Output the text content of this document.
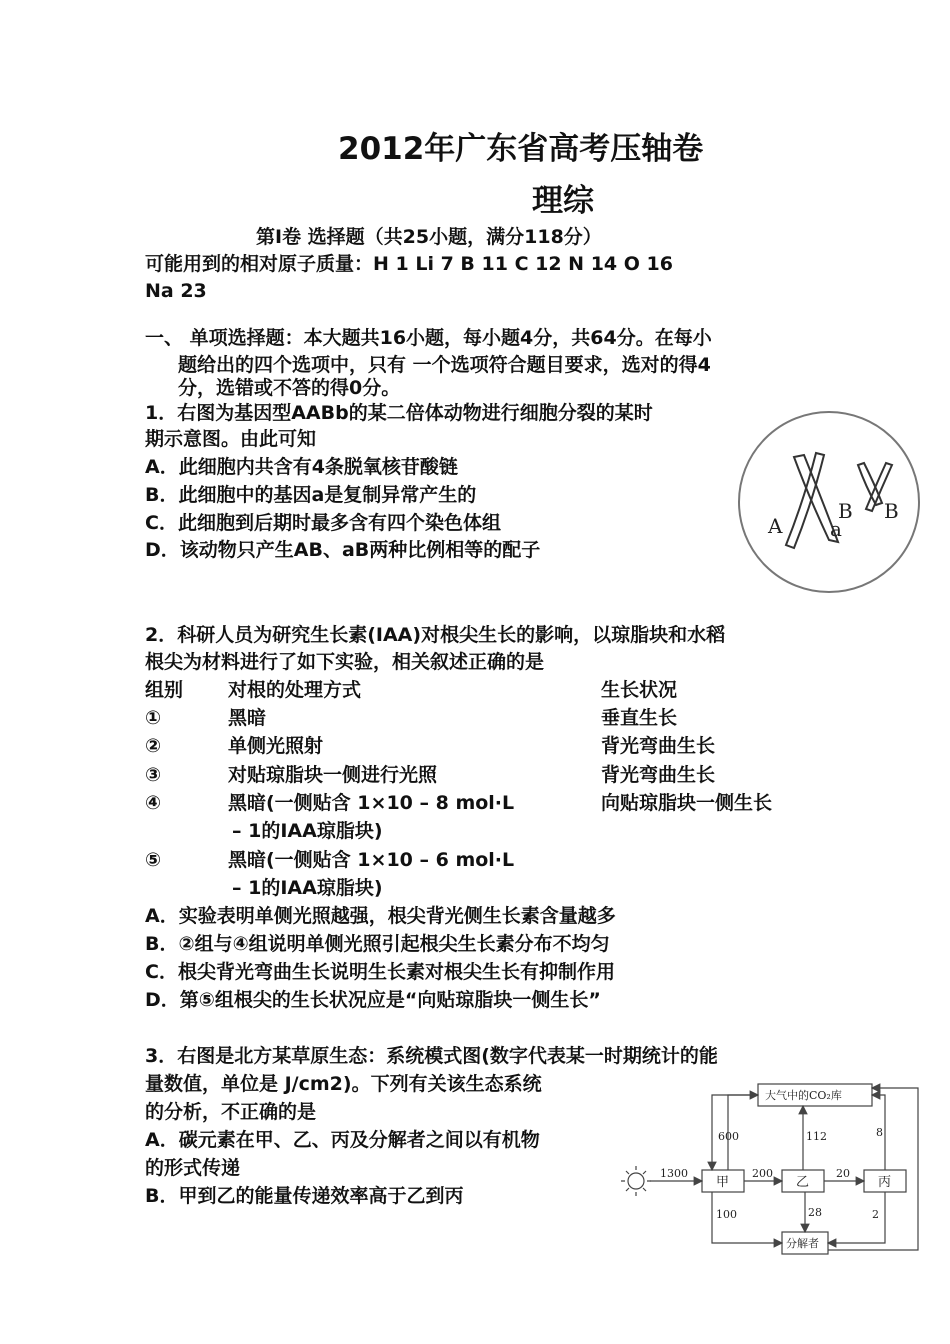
2012年广东省高考压轴卷
理综
第Ⅰ卷 选择题（共25小题，满分118分）
可能用到的相对原子质量：H 1 Li 7 B 11 C 12 N 14 O 16
Na 23
一、 单项选择题：本大题共16小题，每小题4分，共64分。在每小
题给出的四个选项中，只有 一个选项符合题目要求，选对的得4
分，选错或不答的得0分。
1．右图为基因型AABb的某二倍体动物进行细胞分裂的某时
期示意图。由此可知
A．此细胞内共含有4条脱氧核苷酸链
B．此细胞中的基因a是复制异常产生的
C．此细胞到后期时最多含有四个染色体组
D．该动物只产生AB、aB两种比例相等的配子
A a
B B
2．科研人员为研究生长素(IAA)对根尖生长的影响，以琼脂块和水稻
根尖为材料进行了如下实验，相关叙述正确的是
组别 对根的处理方式	生长状况
①	黑暗	垂直生长
②	单侧光照射	背光弯曲生长
③	对贴琼脂块一侧进行光照	背光弯曲生长
④	黑暗(一侧贴含 1×10 – 8 mol·L	向贴琼脂块一侧生长
– 1的IAA琼脂块)
⑤	黑暗(一侧贴含 1×10 – 6 mol·L
– 1的IAA琼脂块)
A．实验表明单侧光照越强，根尖背光侧生长素含量越多
B．②组与④组说明单侧光照引起根尖生长素分布不均匀
C．根尖背光弯曲生长说明生长素对根尖生长有抑制作用
D．第⑤组根尖的生长状况应是“向贴琼脂块一侧生长”
3．右图是北方某草原生态：系统模式图(数字代表某一时期统计的能
量数值，单位是 J/cm2)。下列有关该生态系统
的分析，不正确的是
A．碳元素在甲、乙、丙及分解者之间以有机物
的形式传递
B．甲到乙的能量传递效率高于乙到丙
大气中的CO₂库
甲	乙	丙
分解者
1300	200	20
600	112	8
100	28	2
